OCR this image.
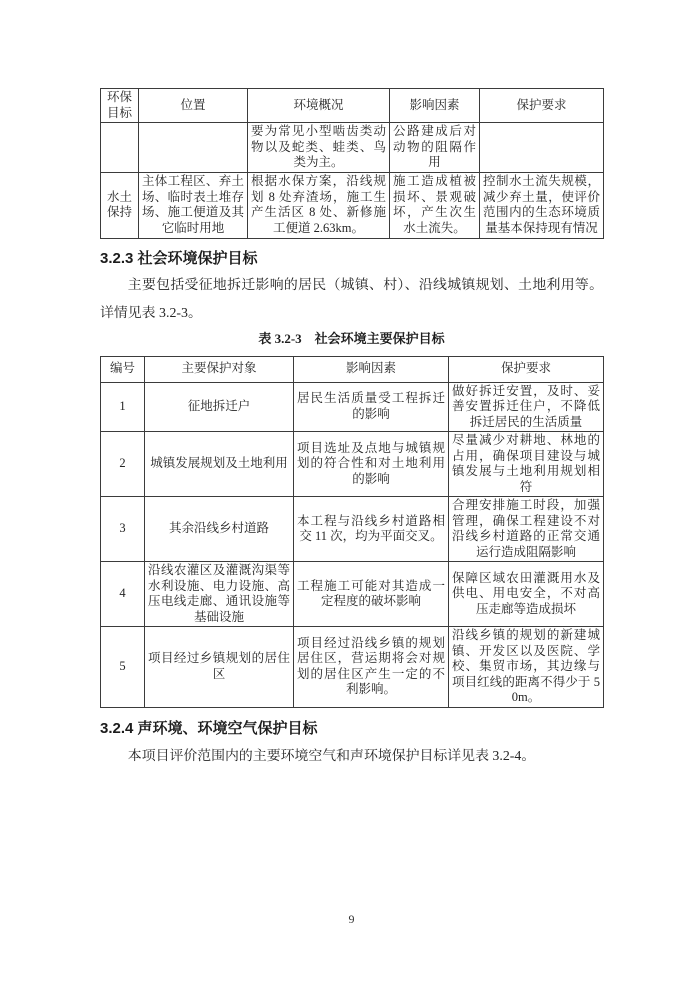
环保目标	位置	环境概况	影响因素	保护要求
		要为常见小型啮齿类动物以及蛇类、蛙类、鸟类为主。	公路建成后对动物的阻隔作用	
水土保持	主体工程区、弃土场、临时表土堆存场、施工便道及其它临时用地	根据水保方案，沿线规划 8 处弃渣场，施工生产生活区 8 处、新修施工便道 2.63km。	施工造成植被损坏、景观破坏，产生次生水土流失。	控制水土流失规模，减少弃土量，使评价范围内的生态环境质量基本保持现有情况
3.2.3 社会环境保护目标

主要包括受征地拆迁影响的居民（城镇、村）、沿线城镇规划、土地利用等。详情见表 3.2-3。

表 3.2-3　社会环境主要保护目标
编号	主要保护对象	影响因素	保护要求
1	征地拆迁户	居民生活质量受工程拆迁的影响	做好拆迁安置，及时、妥善安置拆迁住户，不降低拆迁居民的生活质量
2	城镇发展规划及土地利用	项目选址及点地与城镇规划的符合性和对土地利用的影响	尽量减少对耕地、林地的占用，确保项目建设与城镇发展与土地利用规划相符
3	其余沿线乡村道路	本工程与沿线乡村道路相交 11 次，均为平面交叉。	合理安排施工时段，加强管理，确保工程建设不对沿线乡村道路的正常交通运行造成阻隔影响
4	沿线农灌区及灌溉沟渠等水利设施、电力设施、高压电线走廊、通讯设施等基础设施	工程施工可能对其造成一定程度的破坏影响	保障区域农田灌溉用水及供电、用电安全，不对高压走廊等造成损坏
5	项目经过乡镇规划的居住区	项目经过沿线乡镇的规划居住区，营运期将会对规划的居住区产生一定的不利影响。	沿线乡镇的规划的新建城镇、开发区以及医院、学校、集贸市场，其边缘与项目红线的距离不得少于 50m。
3.2.4 声环境、环境空气保护目标

本项目评价范围内的主要环境空气和声环境保护目标详见表 3.2-4。

9
